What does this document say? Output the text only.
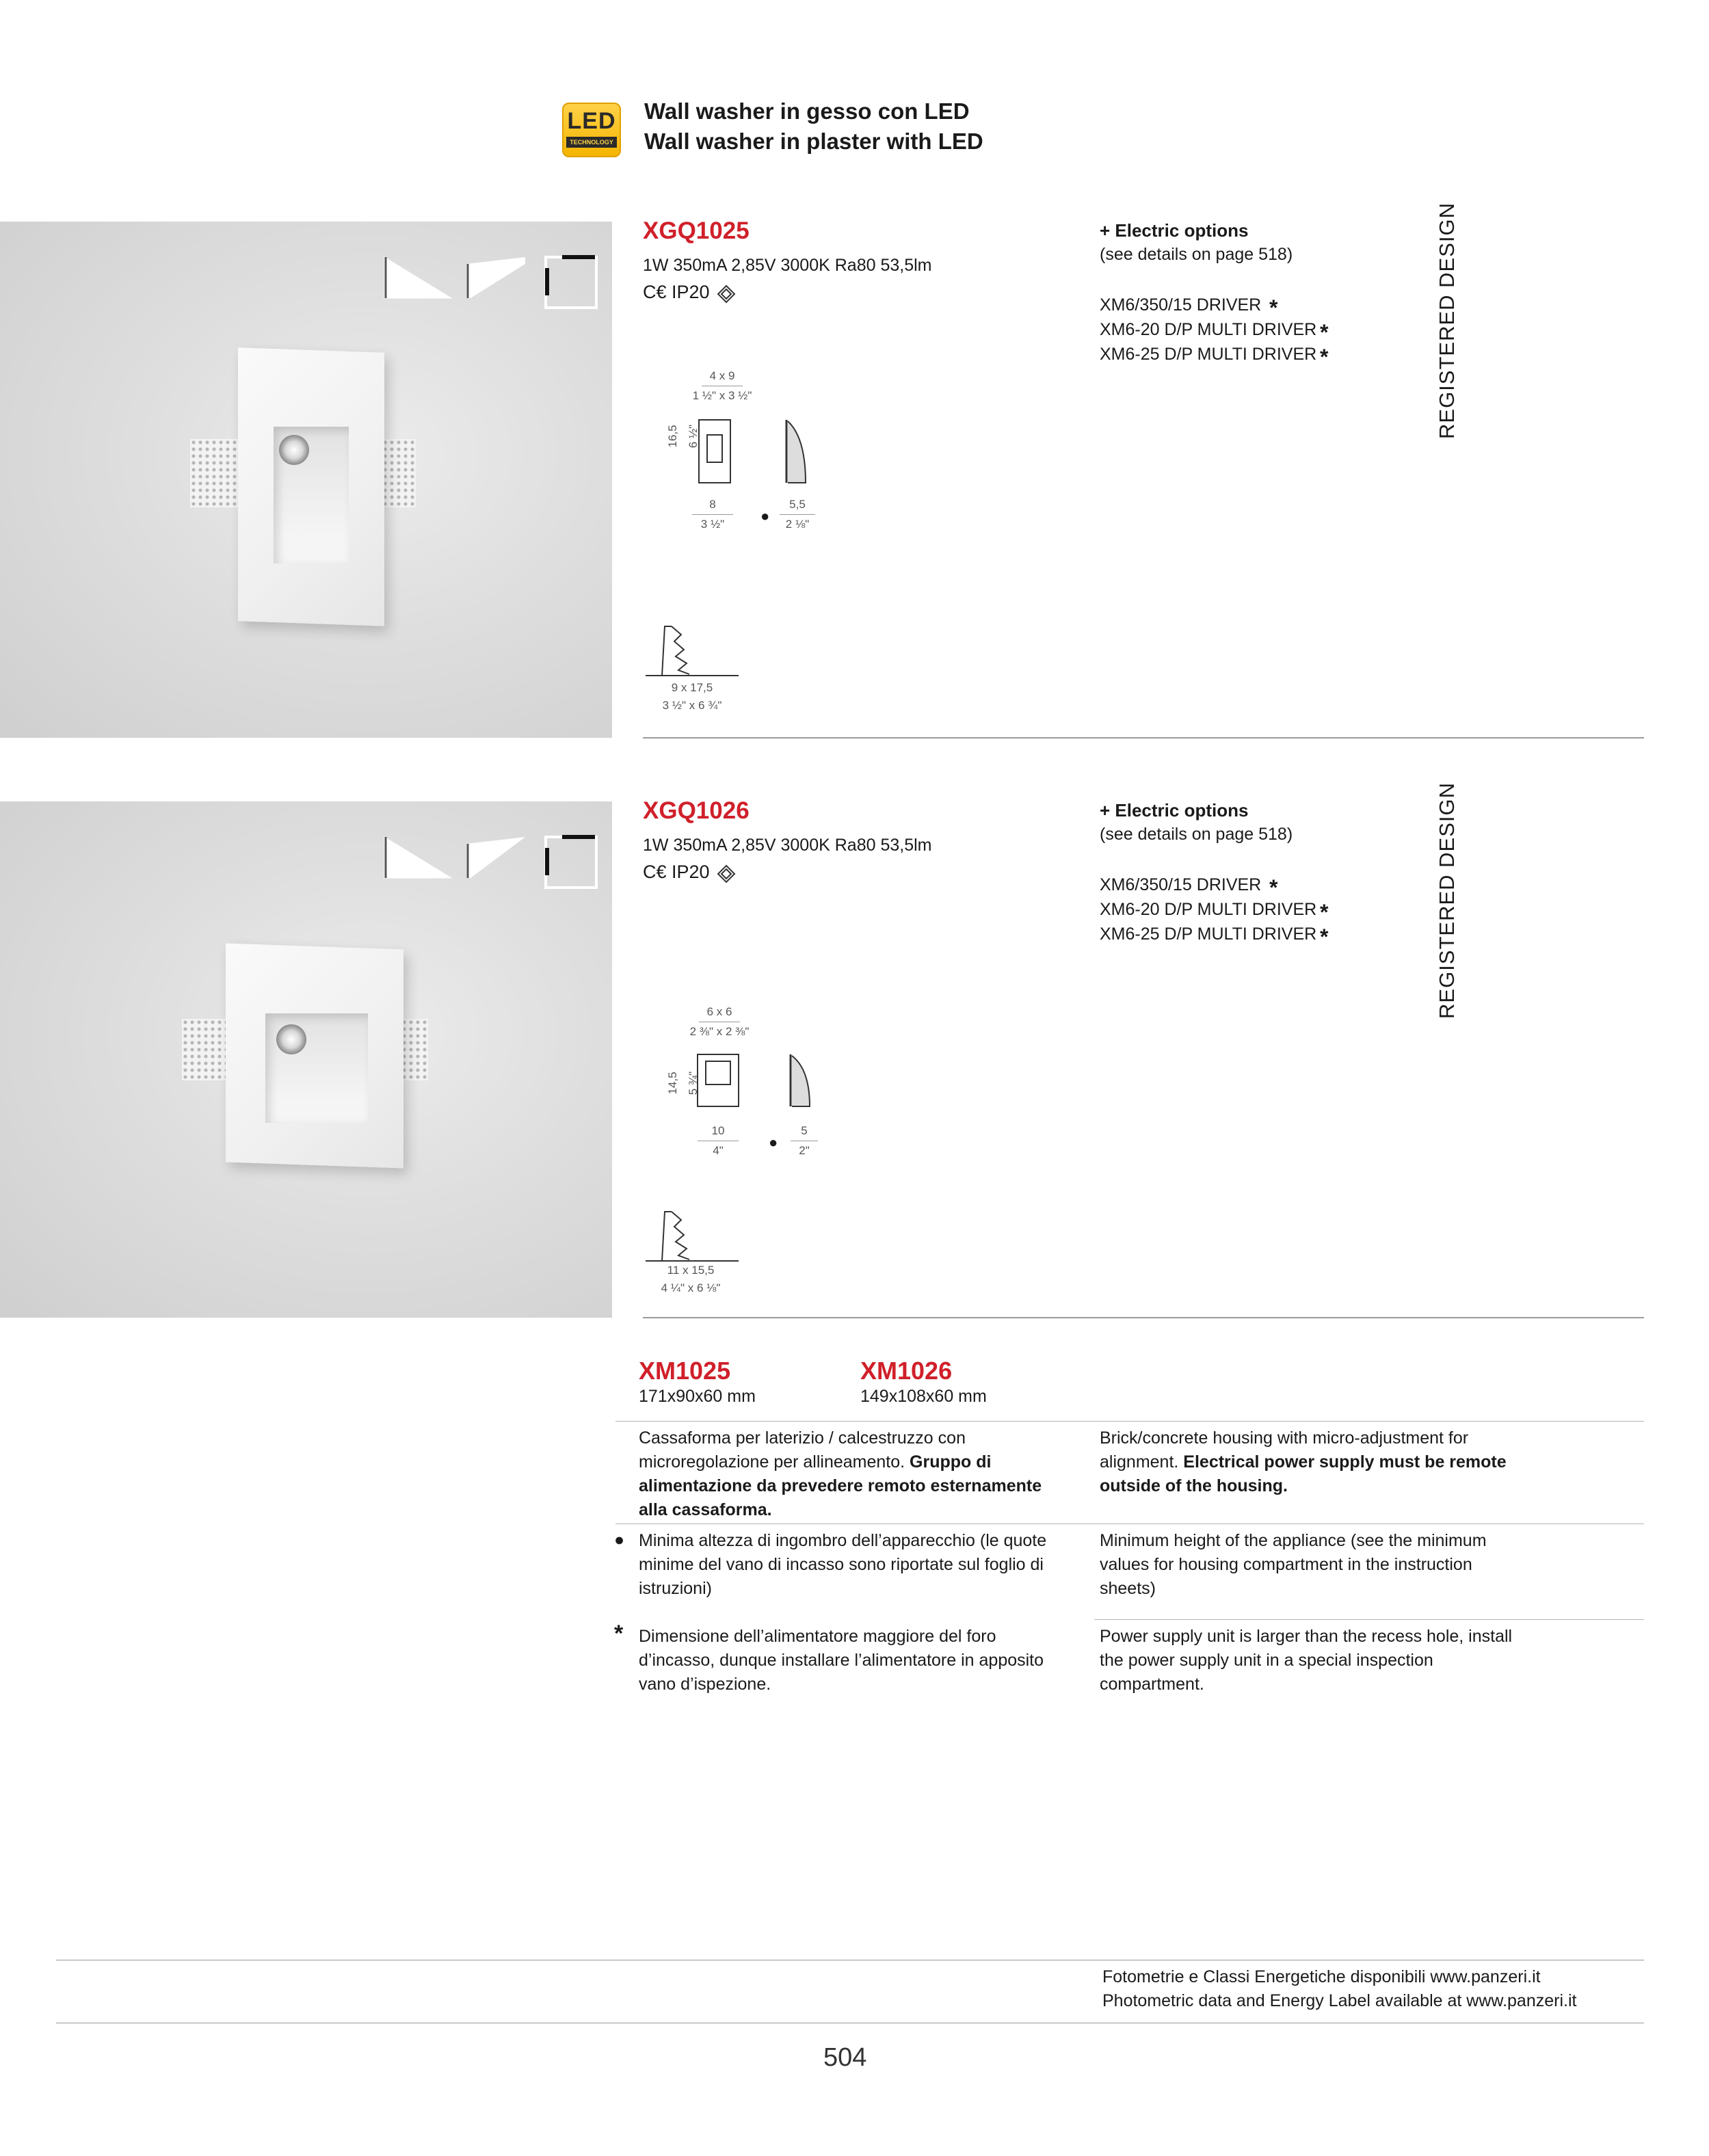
LED
TECHNOLOGY
Wall washer in gesso con LED
Wall washer in plaster with LED
XGQ1025
1W 350mA 2,85V 3000K Ra80 53,5lm
C€ IP20
+ Electric options
(see details on page 518)
XM6/350/15 DRIVER
XM6-20 D/P MULTI DRIVER
XM6-25 D/P MULTI DRIVER
*
*
*	REGISTERED DESIGN
4 x 9
1 ½" x 3 ½"
16,5 6 ½"
8
3 ½"	●
5,5
2 ⅛"
9 x 17,5
3 ½" x 6 ¾"
XGQ1026
1W 350mA 2,85V 3000K Ra80 53,5lm
C€ IP20
+ Electric options
(see details on page 518)
XM6/350/15 DRIVER
XM6-20 D/P MULTI DRIVER
XM6-25 D/P MULTI DRIVER
*
*
*	REGISTERED DESIGN
6 x 6
2 ⅜" x 2 ⅜"
14,5 5 ¾"
10
4"	●
5
2"
11 x 15,5
4 ¼" x 6 ⅛"
XM1025
171x90x60 mm
XM1026
149x108x60 mm
Cassaforma per laterizio / calcestruzzo con microregolazione per allineamento. Gruppo di alimentazione da prevedere remoto esternamente alla cassaforma.
Brick/concrete housing with micro-adjustment for alignment. Electrical power supply must be remote outside of the housing.
● Minima altezza di ingombro dell’apparecchio (le quote minime del vano di incasso sono riportate sul foglio di istruzioni)
Minimum height of the appliance (see the minimum values for housing compartment in the instruction sheets)
* Dimensione dell’alimentatore maggiore del foro d’incasso, dunque installare l’alimentatore in apposito vano d’ispezione.
Power supply unit is larger than the recess hole, install the power supply unit in a special inspection compartment.
Fotometrie e Classi Energetiche disponibili www.panzeri.it
Photometric data and Energy Label available at www.panzeri.it
504
